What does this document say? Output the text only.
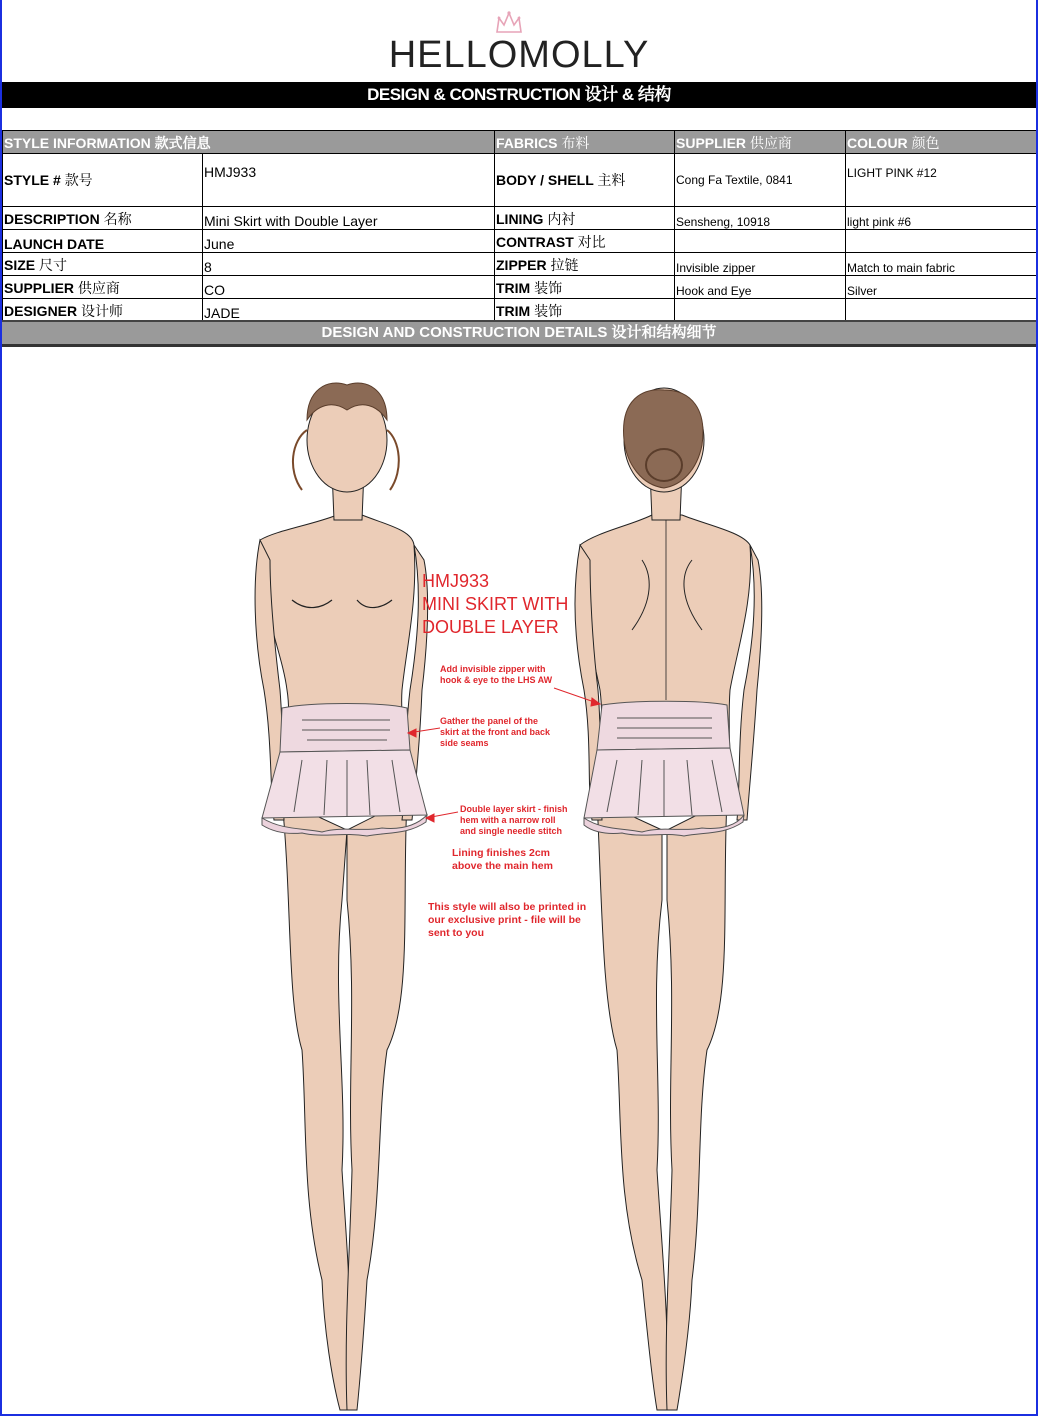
HELLOMOLLY
DESIGN & CONSTRUCTION 设计 & 结构
STYLE INFORMATION 款式信息		FABRICS 布料	SUPPLIER 供应商	COLOUR 颜色
STYLE # 款号	HMJ933	BODY / SHELL 主料	Cong Fa Textile, 0841	LIGHT PINK #12
DESCRIPTION 名称	Mini Skirt with Double Layer	LINING 内衬	Sensheng, 10918	light pink #6
LAUNCH DATE	June	CONTRAST 对比		
SIZE 尺寸	8	ZIPPER 拉链	Invisible zipper	Match to main fabric
SUPPLIER 供应商	CO	TRIM 装饰	Hook and Eye	Silver
DESIGNER 设计师	JADE	TRIM 装饰		
DESIGN AND CONSTRUCTION DETAILS 设计和结构细节
HMJ933
MINI SKIRT WITH
DOUBLE LAYER
Add invisible zipper with
hook & eye to the LHS AW
Gather the panel of the
skirt at the front and back
side seams
Double layer skirt - finish
hem with a narrow roll
and single needle stitch
Lining finishes 2cm
above the main hem
This style will also be printed in
our exclusive print - file will be
sent to you
